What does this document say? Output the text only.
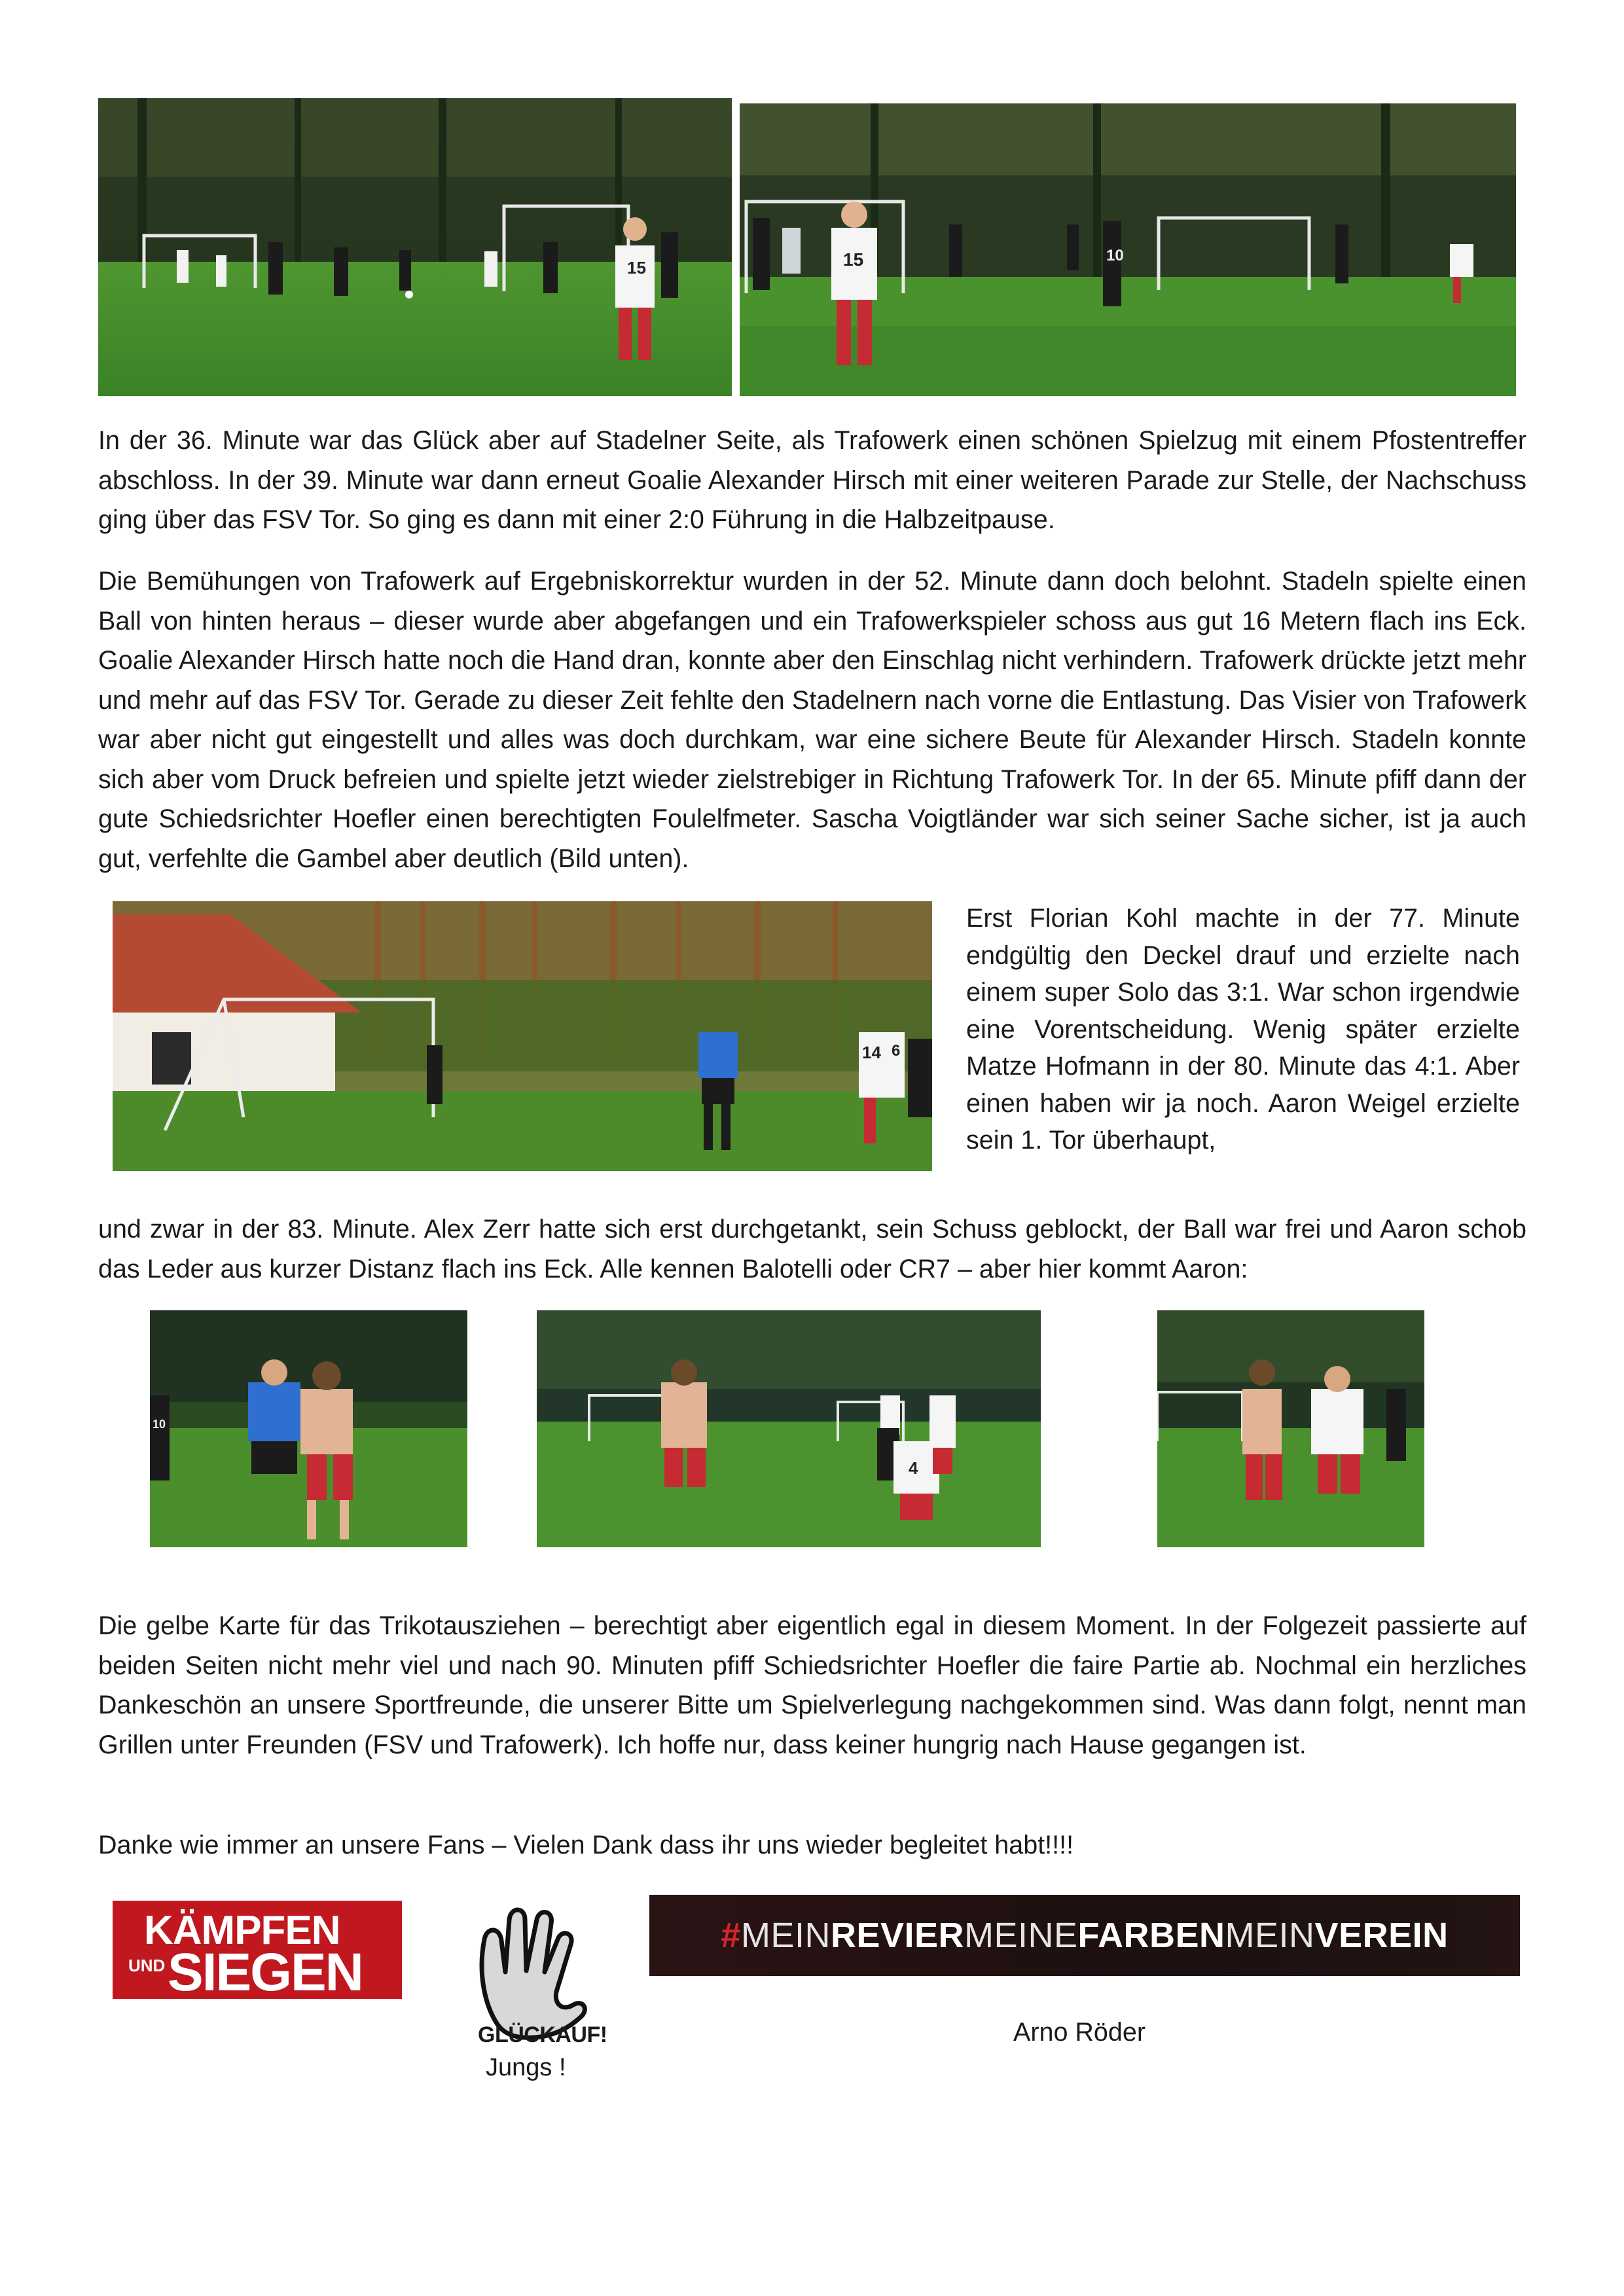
15	15	10

In der 36. Minute war das Glück aber auf Stadelner Seite, als Trafowerk einen schönen Spielzug mit einem Pfostentreffer abschloss. In der 39. Minute war dann erneut Goalie Alexander Hirsch mit einer weiteren Parade zur Stelle, der Nachschuss ging über das FSV Tor. So ging es dann mit einer 2:0 Führung in die Halbzeitpause.

Die Bemühungen von Trafowerk auf Ergebniskorrektur wurden in der 52. Minute dann doch belohnt. Stadeln spielte einen Ball von hinten heraus – dieser wurde aber abgefangen und ein Trafowerkspieler schoss aus gut 16 Metern flach ins Eck. Goalie Alexander Hirsch hatte noch die Hand dran, konnte aber den Einschlag nicht verhindern. Trafowerk drückte jetzt mehr und mehr auf das FSV Tor. Gerade zu dieser Zeit fehlte den Stadelnern nach vorne die Entlastung. Das Visier von Trafowerk war aber nicht gut eingestellt und alles was doch durchkam, war eine sichere Beute für Alexander Hirsch. Stadeln konnte sich aber vom Druck befreien und spielte jetzt wieder zielstrebiger in Richtung Trafowerk Tor. In der 65. Minute pfiff dann der gute Schiedsrichter Hoefler einen berechtigten Foulelfmeter. Sascha Voigtländer war sich seiner Sache sicher, ist ja auch gut, verfehlte die Gambel aber deutlich (Bild unten).

14 6

Erst Florian Kohl machte in der 77. Minute endgültig den Deckel drauf und erzielte nach einem super Solo das 3:1. War schon irgendwie eine Vorentscheidung. Wenig später erzielte Matze Hofmann in der 80. Minute das 4:1. Aber einen haben wir ja noch. Aaron Weigel erzielte sein 1. Tor überhaupt,

und zwar in der 83. Minute. Alex Zerr hatte sich erst durchgetankt, sein Schuss geblockt, der Ball war frei und Aaron schob das Leder aus kurzer Distanz flach ins Eck. Alle kennen Balotelli oder CR7 – aber hier kommt Aaron:

10
4

Die gelbe Karte für das Trikotausziehen – berechtigt aber eigentlich egal in diesem Moment. In der Folgezeit passierte auf beiden Seiten nicht mehr viel und nach 90. Minuten pfiff Schiedsrichter Hoefler die faire Partie ab. Nochmal ein herzliches Dankeschön an unsere Sportfreunde, die unserer Bitte um Spielverlegung nachgekommen sind. Was dann folgt, nennt man Grillen unter Freunden (FSV und Trafowerk). Ich hoffe nur, dass keiner hungrig nach Hause gegangen ist.

Danke wie immer an unsere Fans – Vielen Dank dass ihr uns wieder begleitet habt!!!!

KÄMPFEN
UND SIEGEN
GLÜCKAUF!
Jungs !
#MEINREVIERMEINEFARBENMEINVEREIN
Arno Röder
